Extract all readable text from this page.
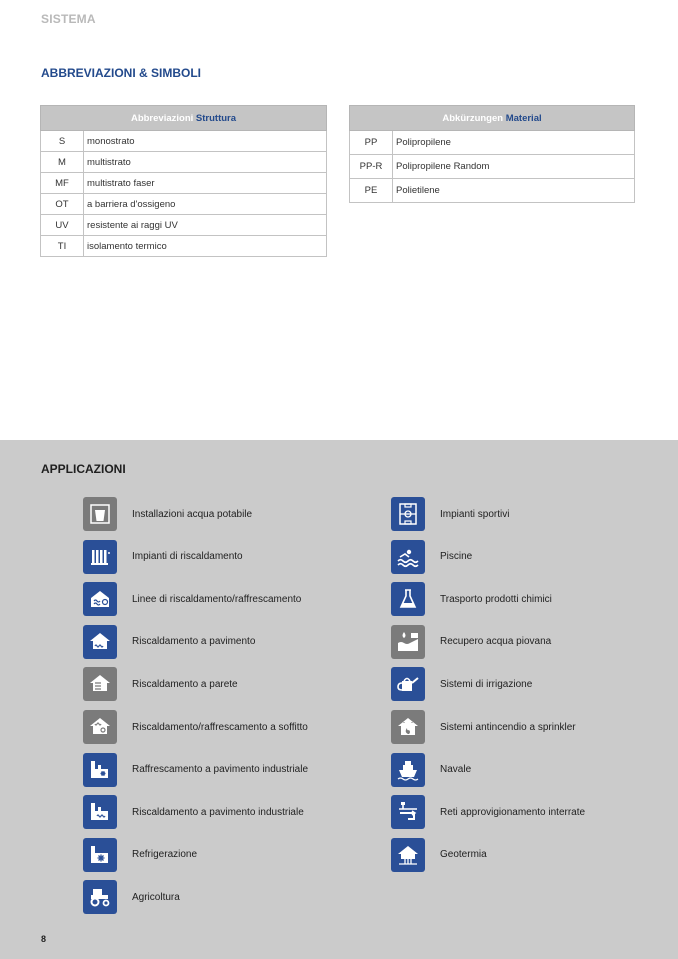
SISTEMA
ABBREVIAZIONI & SIMBOLI
Abbreviazioni Struttura	
S	monostrato
M	multistrato
MF	multistrato faser
OT	a barriera d'ossigeno
UV	resistente ai raggi UV
TI	isolamento termico
Abkürzungen Material	
PP	Polipropilene
PP-R	Polipropilene Random
PE	Polietilene
APPLICAZIONI
Installazioni acqua potabile
Impianti di riscaldamento
Linee di riscaldamento/raffrescamento
Riscaldamento a pavimento
Riscaldamento a parete
Riscaldamento/raffrescamento a soffitto
Raffrescamento a pavimento industriale
Riscaldamento a pavimento industriale
Refrigerazione
Agricoltura
Impianti sportivi
Piscine
Trasporto prodotti chimici
Recupero acqua piovana
Sistemi di irrigazione
Sistemi antincendio a sprinkler
Navale
Reti approvigionamento interrate
Geotermia
8
